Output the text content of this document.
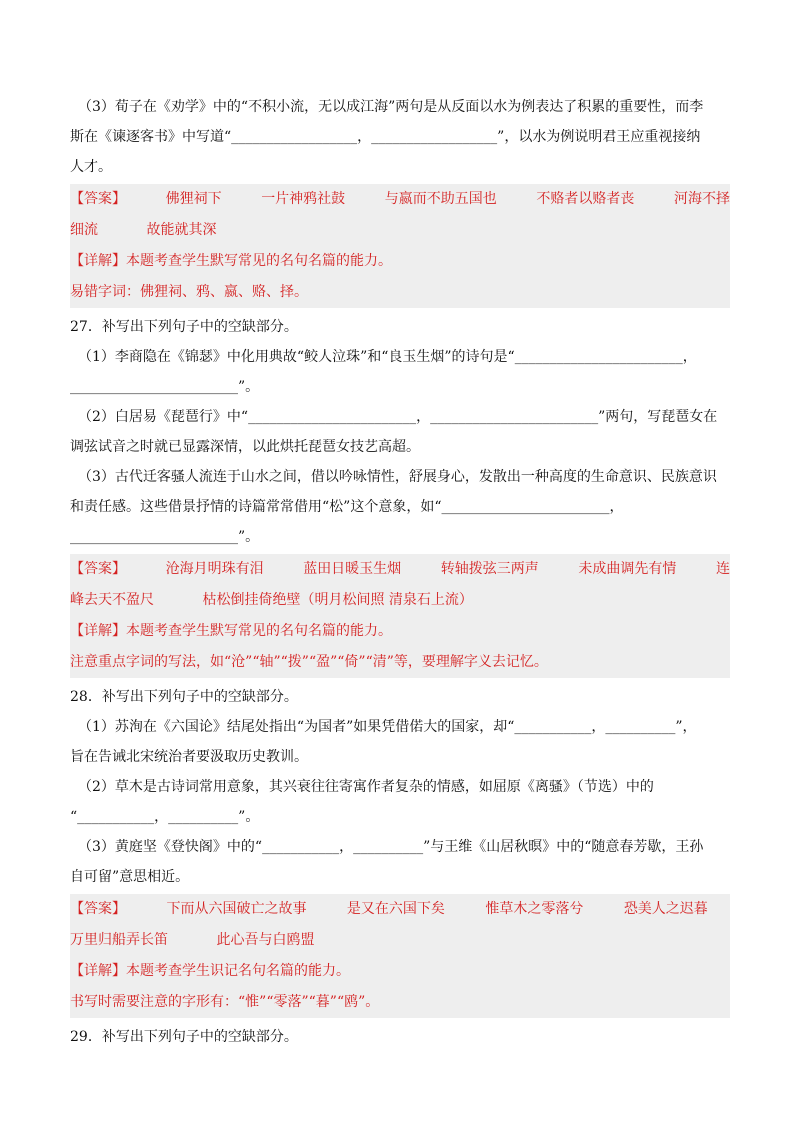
（3）荀子在《劝学》中的“不积小流，无以成江海”两句是从反面以水为例表达了积累的重要性，而李
斯在《谏逐客书》中写道“__________________，__________________”，以水为例说明君王应重视接纳
人才。
【答案】	佛狸祠下	一片神鸦社鼓	与嬴而不助五国也	不赂者以赂者丧	河海不择
细流	故能就其深
【详解】本题考查学生默写常见的名句名篇的能力。
易错字词：佛狸祠、鸦、嬴、赂、择。
27．补写出下列句子中的空缺部分。
（1）李商隐在《锦瑟》中化用典故“鲛人泣珠”和“良玉生烟”的诗句是“________________________，
________________________”。
（2）白居易《琵琶行》中“________________________，________________________”两句，写琵琶女在
调弦试音之时就已显露深情，以此烘托琵琶女技艺高超。
（3）古代迁客骚人流连于山水之间，借以吟咏情性，舒展身心，发散出一种高度的生命意识、民族意识
和责任感。这些借景抒情的诗篇常常借用“松”这个意象，如“________________________，
________________________”。
【答案】	沧海月明珠有泪	蓝田日暖玉生烟	转轴拨弦三两声	未成曲调先有情	连
峰去天不盈尺	枯松倒挂倚绝壁（明月松间照 清泉石上流）
【详解】本题考查学生默写常见的名句名篇的能力。
注意重点字词的写法，如“沧”“轴”“拨”“盈”“倚”“清”等，要理解字义去记忆。
28．补写出下列句子中的空缺部分。
（1）苏洵在《六国论》结尾处指出“为国者”如果凭借偌大的国家，却“___________，__________”，
旨在告诫北宋统治者要汲取历史教训。
（2）草木是古诗词常用意象，其兴衰往往寄寓作者复杂的情感，如屈原《离骚》（节选）中的
“___________，__________”。
（3）黄庭坚《登快阁》中的“___________，__________”与王维《山居秋暝》中的“随意春芳歇，王孙
自可留”意思相近。
【答案】	下而从六国破亡之故事	是又在六国下矣	惟草木之零落兮	恐美人之迟暮
万里归船弄长笛	此心吾与白鸥盟
【详解】本题考查学生识记名句名篇的能力。
书写时需要注意的字形有：“惟”“零落”“暮”“鸥”。
29．补写出下列句子中的空缺部分。
